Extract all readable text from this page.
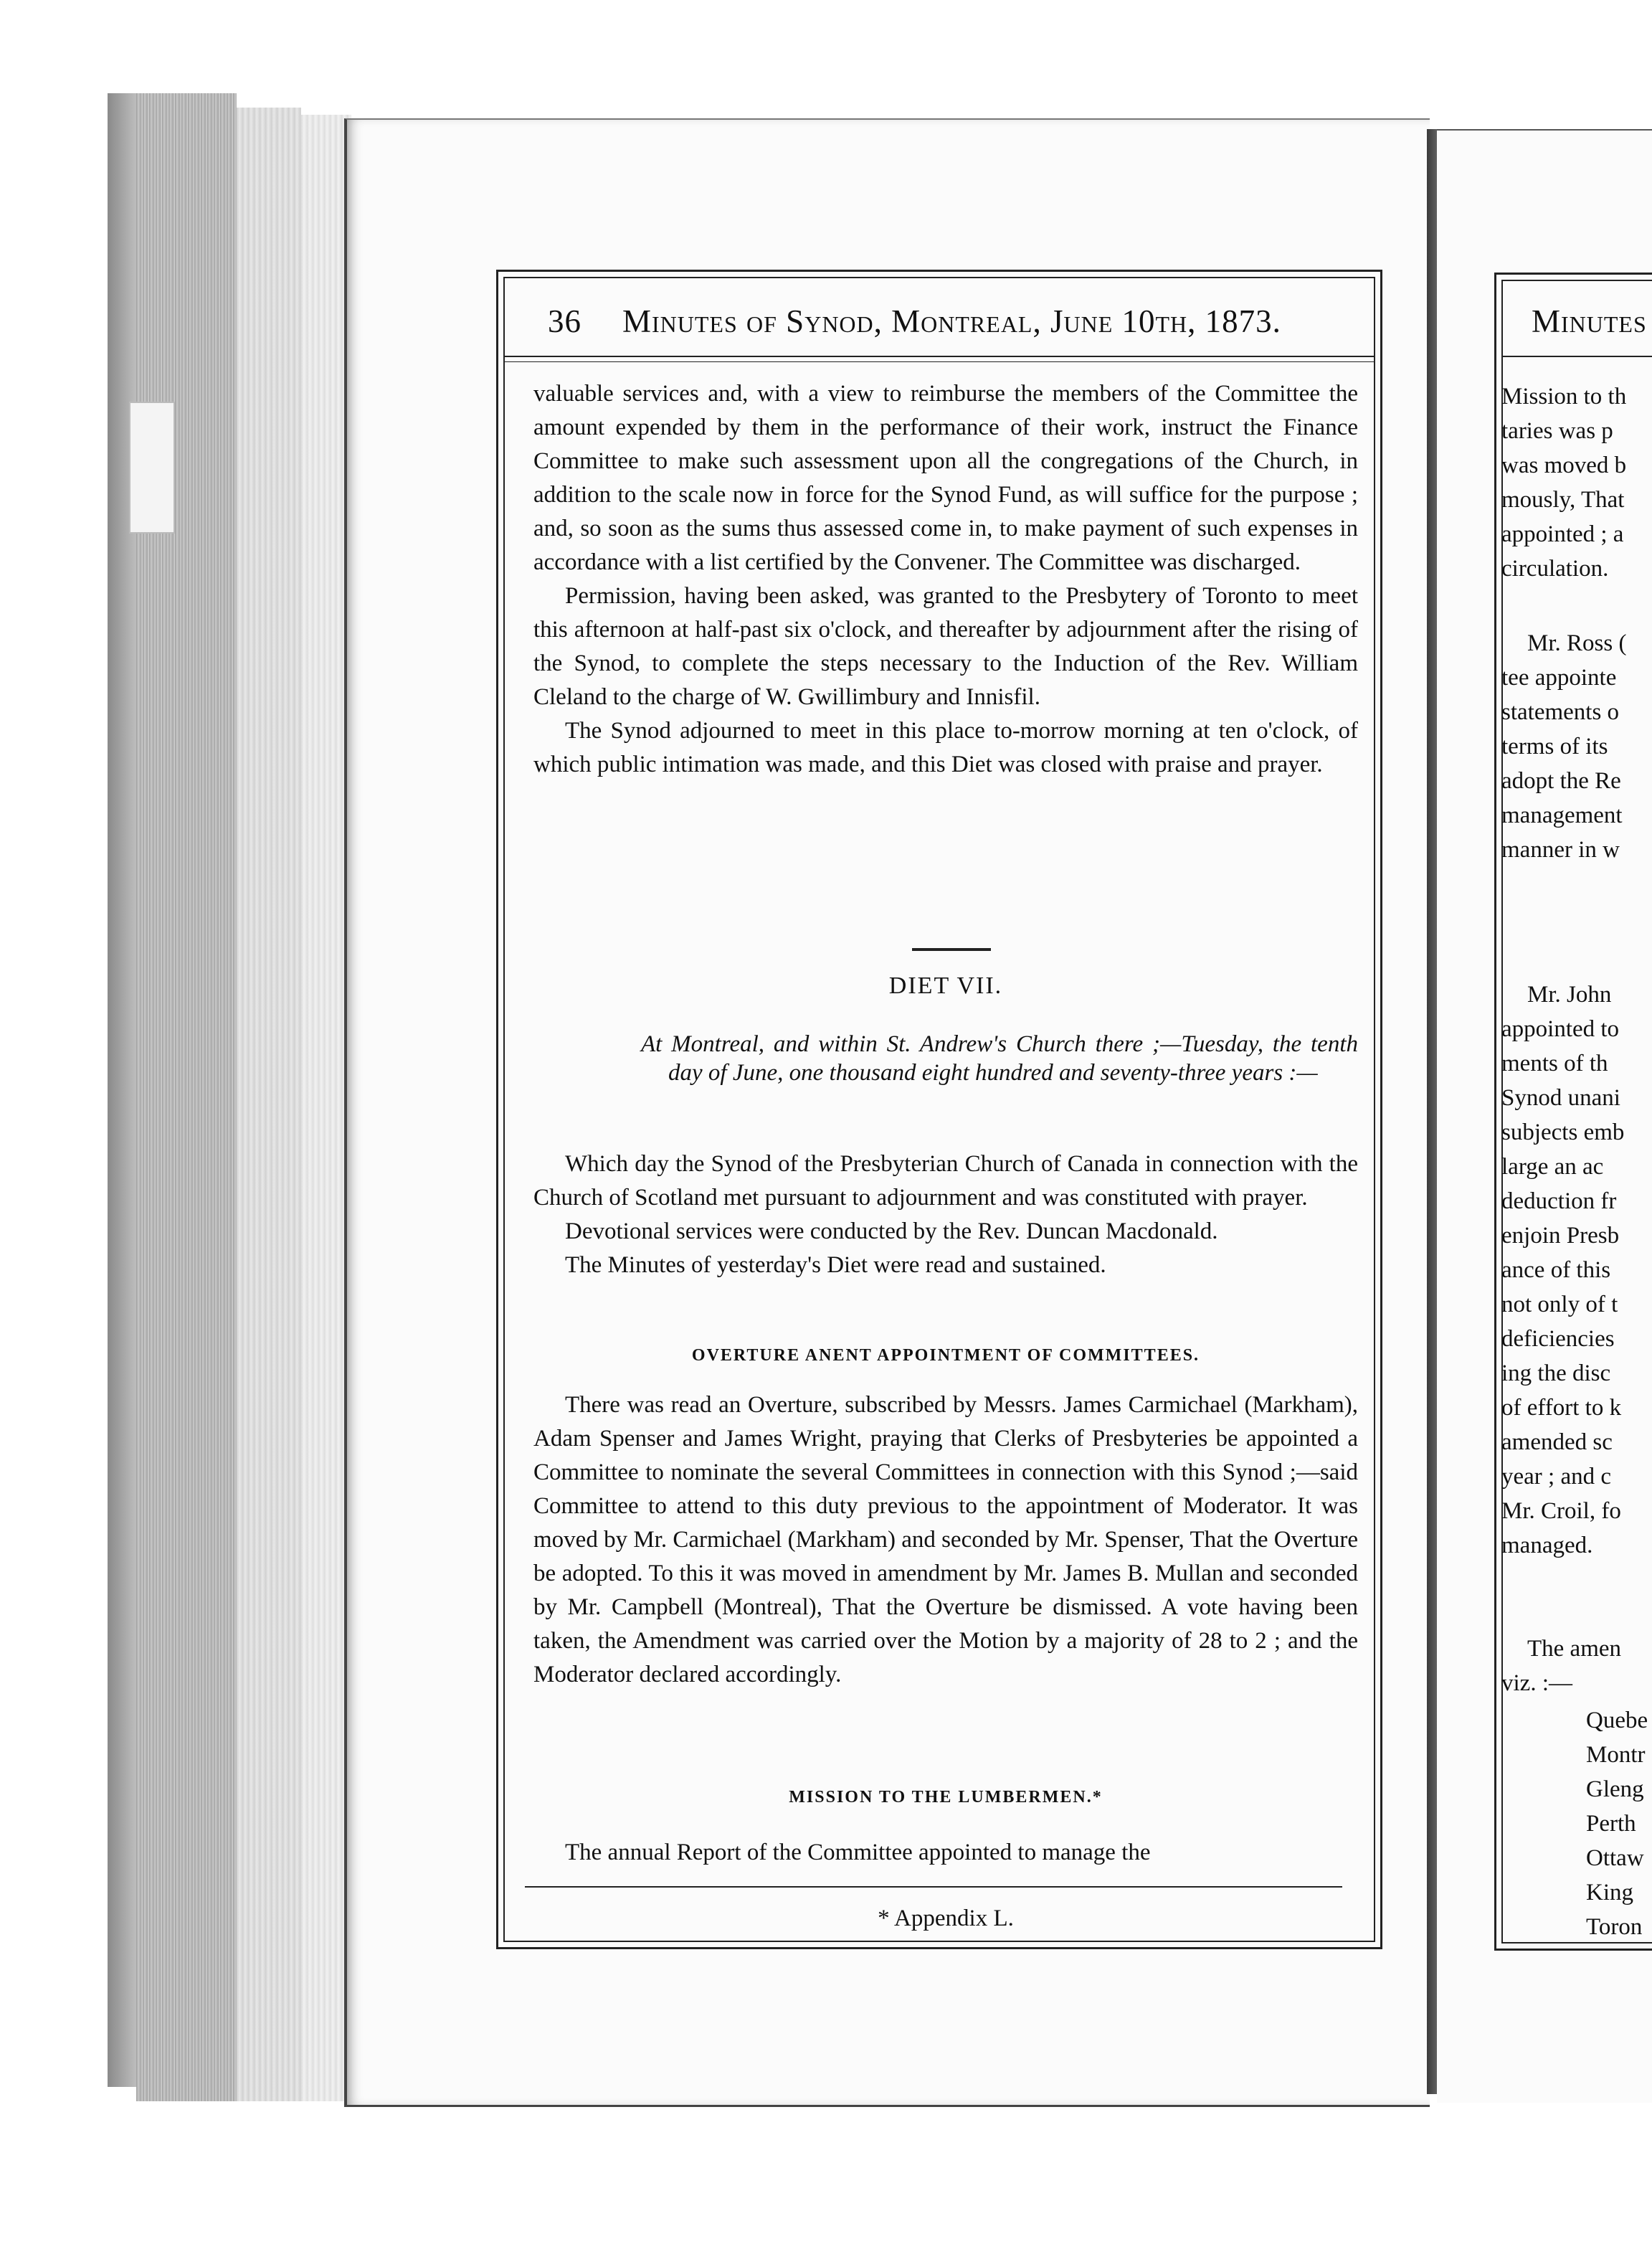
36 Minutes of Synod, Montreal, June 10th, 1873.

valuable services and, with a view to reimburse the members of the Committee the amount expended by them in the performance of their work, instruct the Finance Committee to make such assessment upon all the congregations of the Church, in addition to the scale now in force for the Synod Fund, as will suffice for the purpose ; and, so soon as the sums thus assessed come in, to make payment of such expenses in accordance with a list certified by the Convener. The Committee was discharged.

Permission, having been asked, was granted to the Presbytery of Toronto to meet this afternoon at half-past six o'clock, and thereafter by adjournment after the rising of the Synod, to complete the steps necessary to the Induction of the Rev. William Cleland to the charge of W. Gwillimbury and Innisfil.

The Synod adjourned to meet in this place to-morrow morning at ten o'clock, of which public intimation was made, and this Diet was closed with praise and prayer.

DIET VII.
At Montreal, and within St. Andrew's Church there ;—Tuesday, the tenth day of June, one thousand eight hundred and seventy-three years :—

Which day the Synod of the Presbyterian Church of Canada in connection with the Church of Scotland met pursuant to adjournment and was constituted with prayer.

Devotional services were conducted by the Rev. Duncan Macdonald.

The Minutes of yesterday's Diet were read and sustained.

OVERTURE ANENT APPOINTMENT OF COMMITTEES.

There was read an Overture, subscribed by Messrs. James Carmichael (Markham), Adam Spenser and James Wright, praying that Clerks of Presbyteries be appointed a Committee to nominate the several Committees in connection with this Synod ;—said Committee to attend to this duty previous to the appointment of Moderator. It was moved by Mr. Carmichael (Markham) and seconded by Mr. Spenser, That the Overture be adopted. To this it was moved in amendment by Mr. James B. Mullan and seconded by Mr. Campbell (Montreal), That the Overture be dismissed. A vote having been taken, the Amendment was carried over the Motion by a majority of 28 to 2 ; and the Moderator declared accordingly.

MISSION TO THE LUMBERMEN.*

The annual Report of the Committee appointed to manage the

* Appendix L.
Minutes
Mission to th
taries was p
was moved b
mously, That
appointed ; a
circulation.
Mr. Ross (
tee appointe
statements o
terms of its
adopt the Re
management
manner in w
Mr. John
appointed to
ments of th
Synod unani
subjects emb
large an ac
deduction fr
enjoin Presb
ance of this
not only of t
deficiencies
ing the disc
of effort to k
amended sc
year ; and c
Mr. Croil, fo
managed.
The amen
viz. :—
Quebe
Montr
Gleng
Perth
Ottaw
King
Toron
